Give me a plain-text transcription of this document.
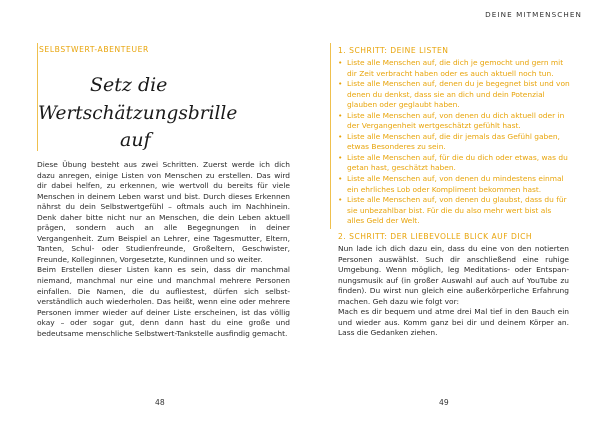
DEINE MITMENSCHEN
SELBSTWERT-ABENTEUER
Setz die
Wertschätzungsbrille
auf

Diese Übung besteht aus zwei Schritten. Zuerst werde ich dich dazu anregen, einige Listen von Menschen zu erstellen. Das wird dir dabei helfen, zu erkennen, wie wertvoll du bereits für viele Menschen in deinem Leben warst und bist. Durch dieses Erkennen nährst du dein Selbstwertgefühl – oftmals auch im Nachhinein. Denk daher bitte nicht nur an Menschen, die dein Leben aktuell prägen, sondern auch an alle Begegnungen in deiner Vergangenheit. Zum Beispiel an Lehrer, eine Tagesmutter, Eltern, Tanten, Schul- oder Studienfreunde, Großeltern, Geschwister, Freunde, Kolleginnen, Vorgesetzte, Kundinnen und so weiter.

Beim Erstellen dieser Listen kann es sein, dass dir manchmal niemand, manchmal nur eine und manchmal mehrere Personen einfallen. Die Namen, die du aufliestest, dürfen sich selbstverständlich auch wiederholen. Das heißt, wenn eine oder mehrere Personen immer wieder auf deiner Liste erscheinen, ist das völlig okay – oder sogar gut, denn dann hast du eine große und bedeutsame menschliche Selbstwert-Tankstelle ausfindig gemacht.

48
1. SCHRITT: DEINE LISTEN
• Liste alle Menschen auf, die dich je gemocht und gern mit dir Zeit verbracht haben oder es auch aktuell noch tun.
• Liste alle Menschen auf, denen du je begegnet bist und von denen du denkst, dass sie an dich und dein Potenzial glauben oder geglaubt haben.
• Liste alle Menschen auf, von denen du dich aktuell oder in der Vergangenheit wertgeschätzt gefühlt hast.
• Liste alle Menschen auf, die dir jemals das Gefühl gaben, etwas Besonderes zu sein.
• Liste alle Menschen auf, für die du dich oder etwas, was du getan hast, geschätzt haben.
• Liste alle Menschen auf, von denen du mindestens einmal ein ehrliches Lob oder Kompliment bekommen hast.
• Liste alle Menschen auf, von denen du glaubst, dass du für sie unbezahlbar bist. Für die du also mehr wert bist als alles Geld der Welt.
2. SCHRITT: DER LIEBEVOLLE BLICK AUF DICH

Nun lade ich dich dazu ein, dass du eine von den notierten Personen auswählst. Such dir anschließend eine ruhige Umgebung. Wenn möglich, leg Meditations- oder Entspannungsmusik auf (in großer Auswahl auf auch auf YouTube zu finden). Du wirst nun gleich eine außerkörperliche Erfahrung machen. Geh dazu wie folgt vor:

Mach es dir bequem und atme drei Mal tief in den Bauch ein und wieder aus. Komm ganz bei dir und deinem Körper an. Lass die Gedanken ziehen.

49
